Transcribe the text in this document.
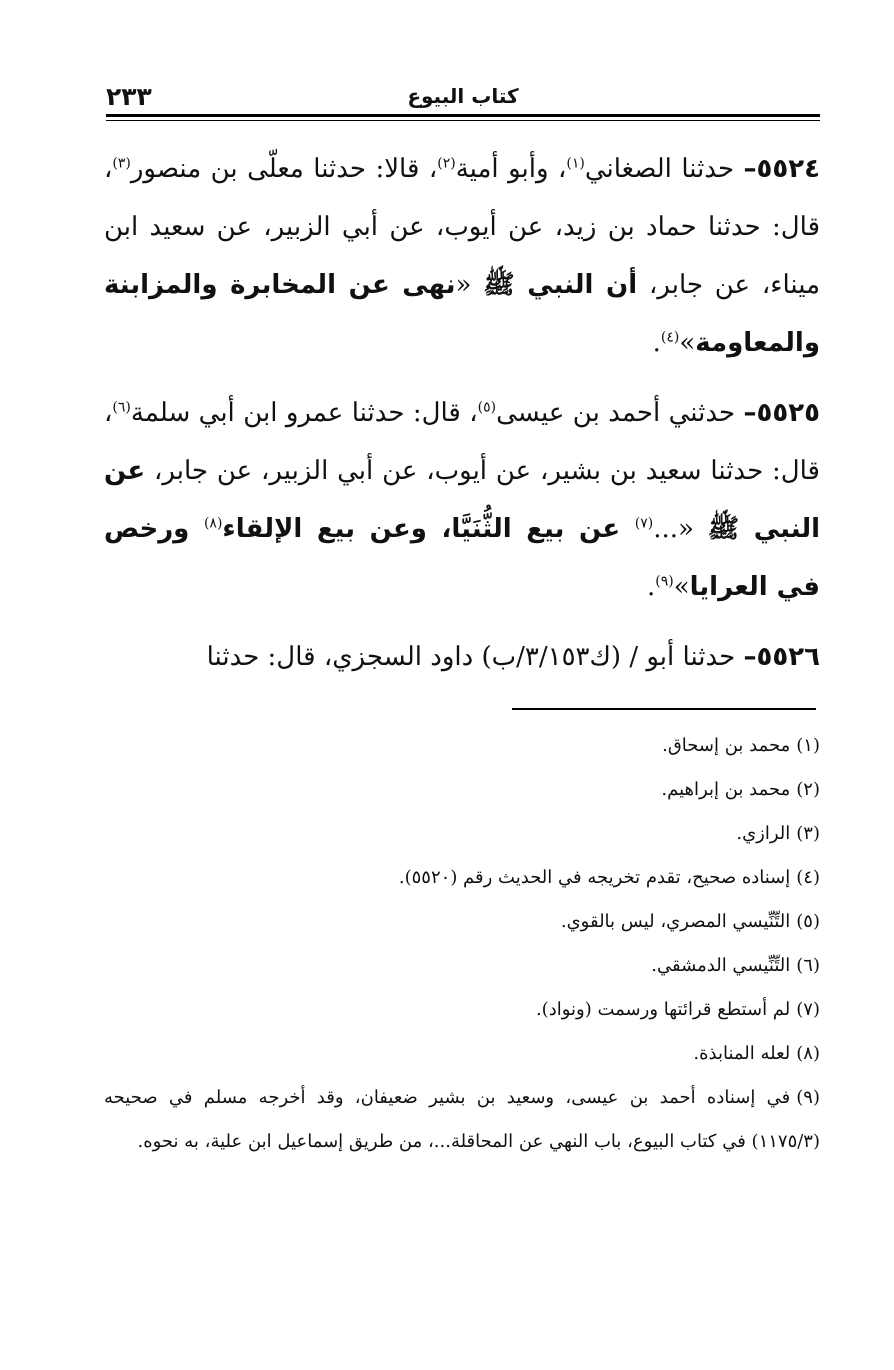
٢٣٣	كتاب البيوع

٥٥٢٤– حدثنا الصغاني$^{(١)}$، وأبو أمية$^{(٢)}$، قالا: حدثنا معلّى بن منصور$^{(٣)}$، قال: حدثنا حماد بن زيد، عن أيوب، عن أبي الزبير، عن سعيد ابن ميناء، عن جابر، أن النبي ﷺ «نهى عن المخابرة والمزابنة والمعاومة»$^{(٤)}$.

٥٥٢٥– حدثني أحمد بن عيسى$^{(٥)}$، قال: حدثنا عمرو ابن أبي سلمة$^{(٦)}$، قال: حدثنا سعيد بن بشير، عن أيوب، عن أبي الزبير، عن جابر، عن النبي ﷺ «...$^{(٧)}$ عن بيع الثُّنَيَّا، وعن بيع الإلقاء$^{(٨)}$ ورخص في العرايا»$^{(٩)}$.

٥٥٢٦– حدثنا أبو / (ك٣/١٥٣/ب) داود السجزي، قال: حدثنا

(١)محمد بن إسحاق.

(٢)محمد بن إبراهيم.

(٣)الرازي.

(٤)إسناده صحيح، تقدم تخريجه في الحديث رقم (٥٥٢٠).

(٥)التِّنِّيسي المصري، ليس بالقوي.

(٦)التِّنِّيسي الدمشقي.

(٧)لم أستطع قرائتها ورسمت (ونواد).

(٨)لعله المنابذة.

(٩)في إسناده أحمد بن عيسى، وسعيد بن بشير ضعيفان، وقد أخرجه مسلم في صحيحه (١١٧٥/٣) في كتاب البيوع، باب النهي عن المحاقلة...، من طريق إسماعيل ابن علية، به نحوه.
